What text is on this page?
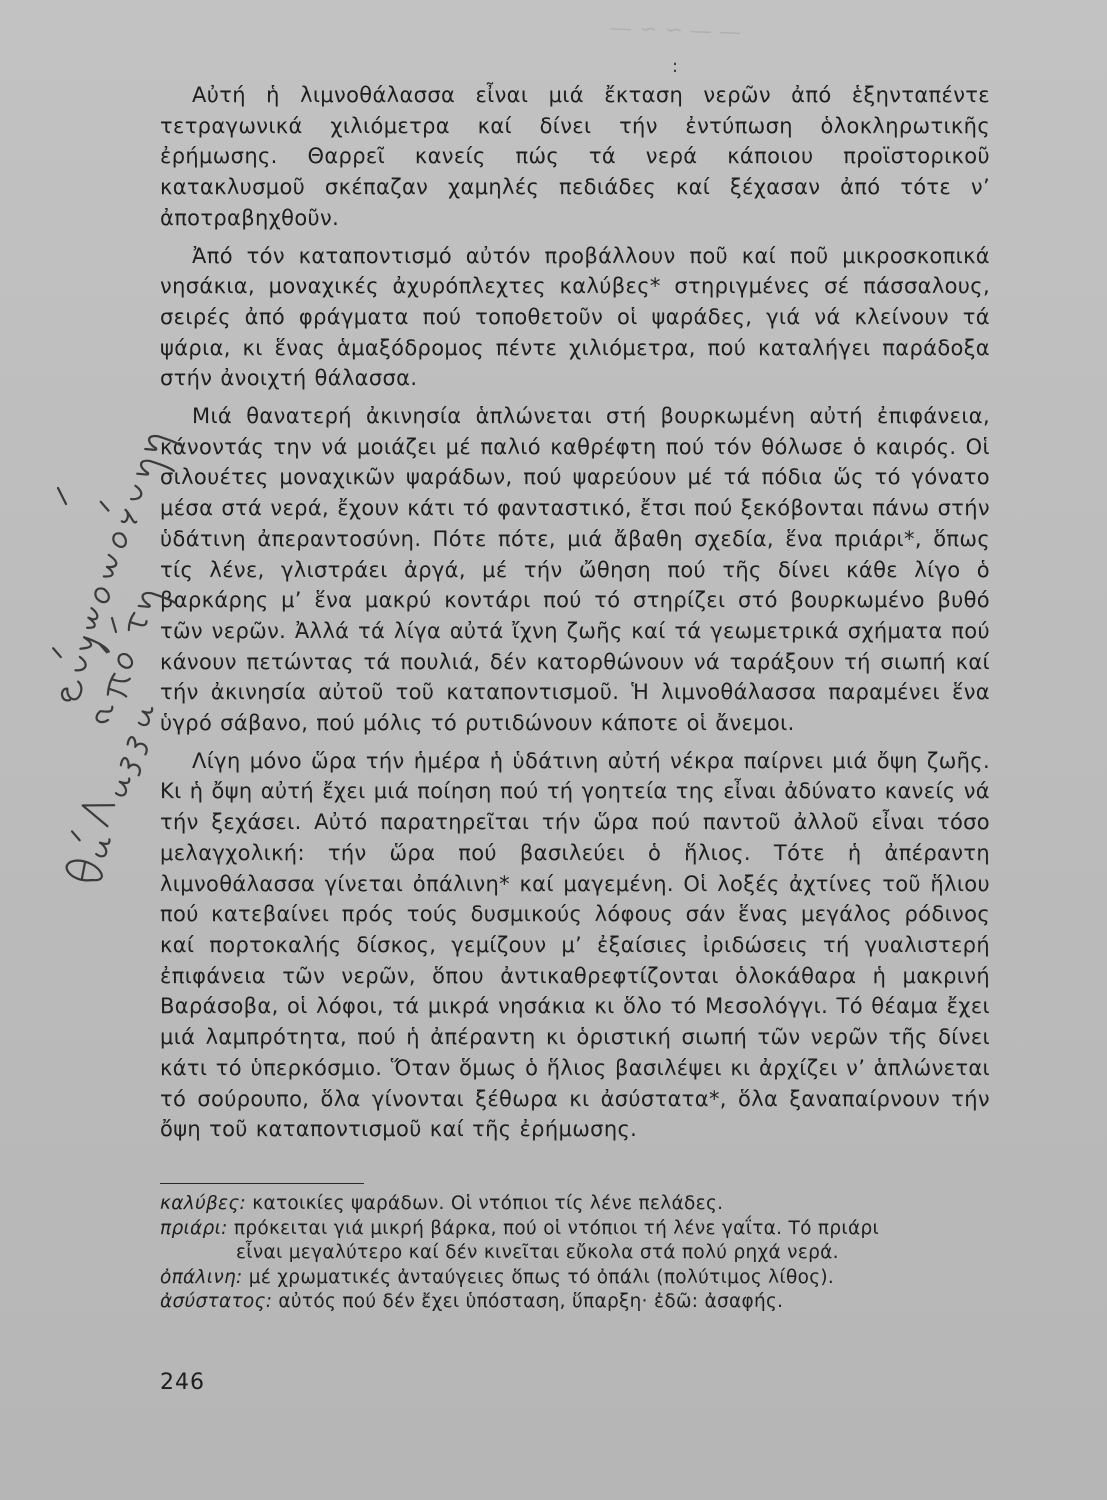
— — ~ ~ —
:

Αὐτή ἡ λιμνοθάλασσα εἶναι μιά ἔκταση νερῶν ἀπό ἑξηνταπέντε τετραγωνικά χιλιόμετρα καί δίνει τήν ἐντύπωση ὁλοκληρωτικῆς ἐρήμωσης. Θαρρεῖ κανείς πώς τά νερά κάποιου προϊστορικοῦ κατακλυσμοῦ σκέπαζαν χαμηλές πεδιάδες καί ξέχασαν ἀπό τότε ν’ ἀποτραβηχθοῦν.

Ἀπό τόν καταποντισμό αὐτόν προβάλλουν ποῦ καί ποῦ μικροσκοπικά νησάκια, μοναχικές ἀχυρόπλεχτες καλύβες* στηριγμένες σέ πάσσαλους, σειρές ἀπό φράγματα πού τοποθετοῦν οἱ ψαράδες, γιά νά κλείνουν τά ψάρια, κι ἕνας ἁμαξόδρομος πέντε χιλιόμετρα, πού καταλήγει παράδοξα στήν ἀνοιχτή θάλασσα.

Μιά θανατερή ἀκινησία ἁπλώνεται στή βουρκωμένη αὐτή ἐπιφάνεια, κάνοντάς την νά μοιάζει μέ παλιό καθρέφτη πού τόν θόλωσε ὁ καιρός. Οἱ σιλουέτες μοναχικῶν ψαράδων, πού ψαρεύουν μέ τά πόδια ὥς τό γόνατο μέσα στά νερά, ἔχουν κάτι τό φανταστικό, ἔτσι πού ξεκόβονται πάνω στήν ὑδάτινη ἀπεραντοσύνη. Πότε πότε, μιά ἄβαθη σχεδία, ἕνα πριάρι*, ὅπως τίς λένε, γλιστράει ἀργά, μέ τήν ὤθηση πού τῆς δίνει κάθε λίγο ὁ βαρκάρης μ’ ἕνα μακρύ κοντάρι πού τό στηρίζει στό βουρκωμένο βυθό τῶν νερῶν. Ἀλλά τά λίγα αὐτά ἴχνη ζωῆς καί τά γεωμετρικά σχήματα πού κάνουν πετώντας τά πουλιά, δέν κατορθώνουν νά ταράξουν τή σιωπή καί τήν ἀκινησία αὐτοῦ τοῦ καταποντισμοῦ. Ἡ λιμνοθάλασσα παραμένει ἕνα ὑγρό σάβανο, πού μόλις τό ρυτιδώνουν κάποτε οἱ ἄνεμοι.

Λίγη μόνο ὥρα τήν ἡμέρα ἡ ὑδάτινη αὐτή νέκρα παίρνει μιά ὄψη ζωῆς. Κι ἡ ὄψη αὐτή ἔχει μιά ποίηση πού τή γοητεία της εἶναι ἀδύνατο κανείς νά τήν ξεχάσει. Αὐτό παρατηρεῖται τήν ὥρα πού παντοῦ ἀλλοῦ εἶναι τόσο μελαγχολική: τήν ὥρα πού βασιλεύει ὁ ἥλιος. Τότε ἡ ἀπέραντη λιμνοθάλασσα γίνεται ὀπάλινη* καί μαγεμένη. Οἱ λοξές ἀχτίνες τοῦ ἥλιου πού κατεβαίνει πρός τούς δυσμικούς λόφους σάν ἕνας μεγάλος ρόδινος καί πορτοκαλής δίσκος, γεμίζουν μ’ ἐξαίσιες ἰριδώσεις τή γυαλιστερή ἐπιφάνεια τῶν νερῶν, ὅπου ἀντικαθρεφτίζονται ὁλοκάθαρα ἡ μακρινή Βαράσοβα, οἱ λόφοι, τά μικρά νησάκια κι ὅλο τό Μεσολόγγι. Τό θέαμα ἔχει μιά λαμπρότητα, πού ἡ ἀπέραντη κι ὁριστική σιωπή τῶν νερῶν τῆς δίνει κάτι τό ὑπερκόσμιο. Ὅταν ὅμως ὁ ἥλιος βασιλέψει κι ἀρχίζει ν’ ἁπλώνεται τό σούρουπο, ὅλα γίνονται ξέθωρα κι ἀσύστατα*, ὅλα ξαναπαίρνουν τήν ὄψη τοῦ καταποντισμοῦ καί τῆς ἐρήμωσης.

καλύβες: κατοικίες ψαράδων. Οἱ ντόπιοι τίς λένε πελάδες.

πριάρι: πρόκειται γιά μικρή βάρκα, πού οἱ ντόπιοι τή λένε γαΐτα. Τό πριάρι

εἶναι μεγαλύτερο καί δέν κινεῖται εὔκολα στά πολύ ρηχά νερά.

ὀπάλινη: μέ χρωματικές ἀνταύγειες ὅπως τό ὀπάλι (πολύτιμος λίθος).

ἀσύστατος: αὐτός πού δέν ἔχει ὑπόσταση, ὕπαρξη· ἐδῶ: ἀσαφής.

246
